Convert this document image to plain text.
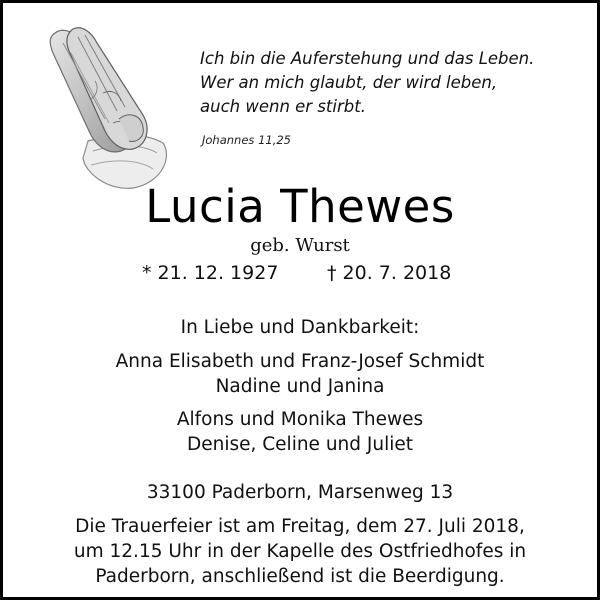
Ich bin die Auferstehung und das Leben.
Wer an mich glaubt, der wird leben,
auch wenn er stirbt.
Johannes 11,25
Lucia Thewes
geb. Wurst
* 21. 12. 1927	† 20. 7. 2018
In Liebe und Dankbarkeit:
Anna Elisabeth und Franz-Josef Schmidt
Nadine und Janina
Alfons und Monika Thewes
Denise, Celine und Juliet
33100 Paderborn, Marsenweg 13
Die Trauerfeier ist am Freitag, dem 27. Juli 2018,
um 12.15 Uhr in der Kapelle des Ostfriedhofes in
Paderborn, anschließend ist die Beerdigung.
